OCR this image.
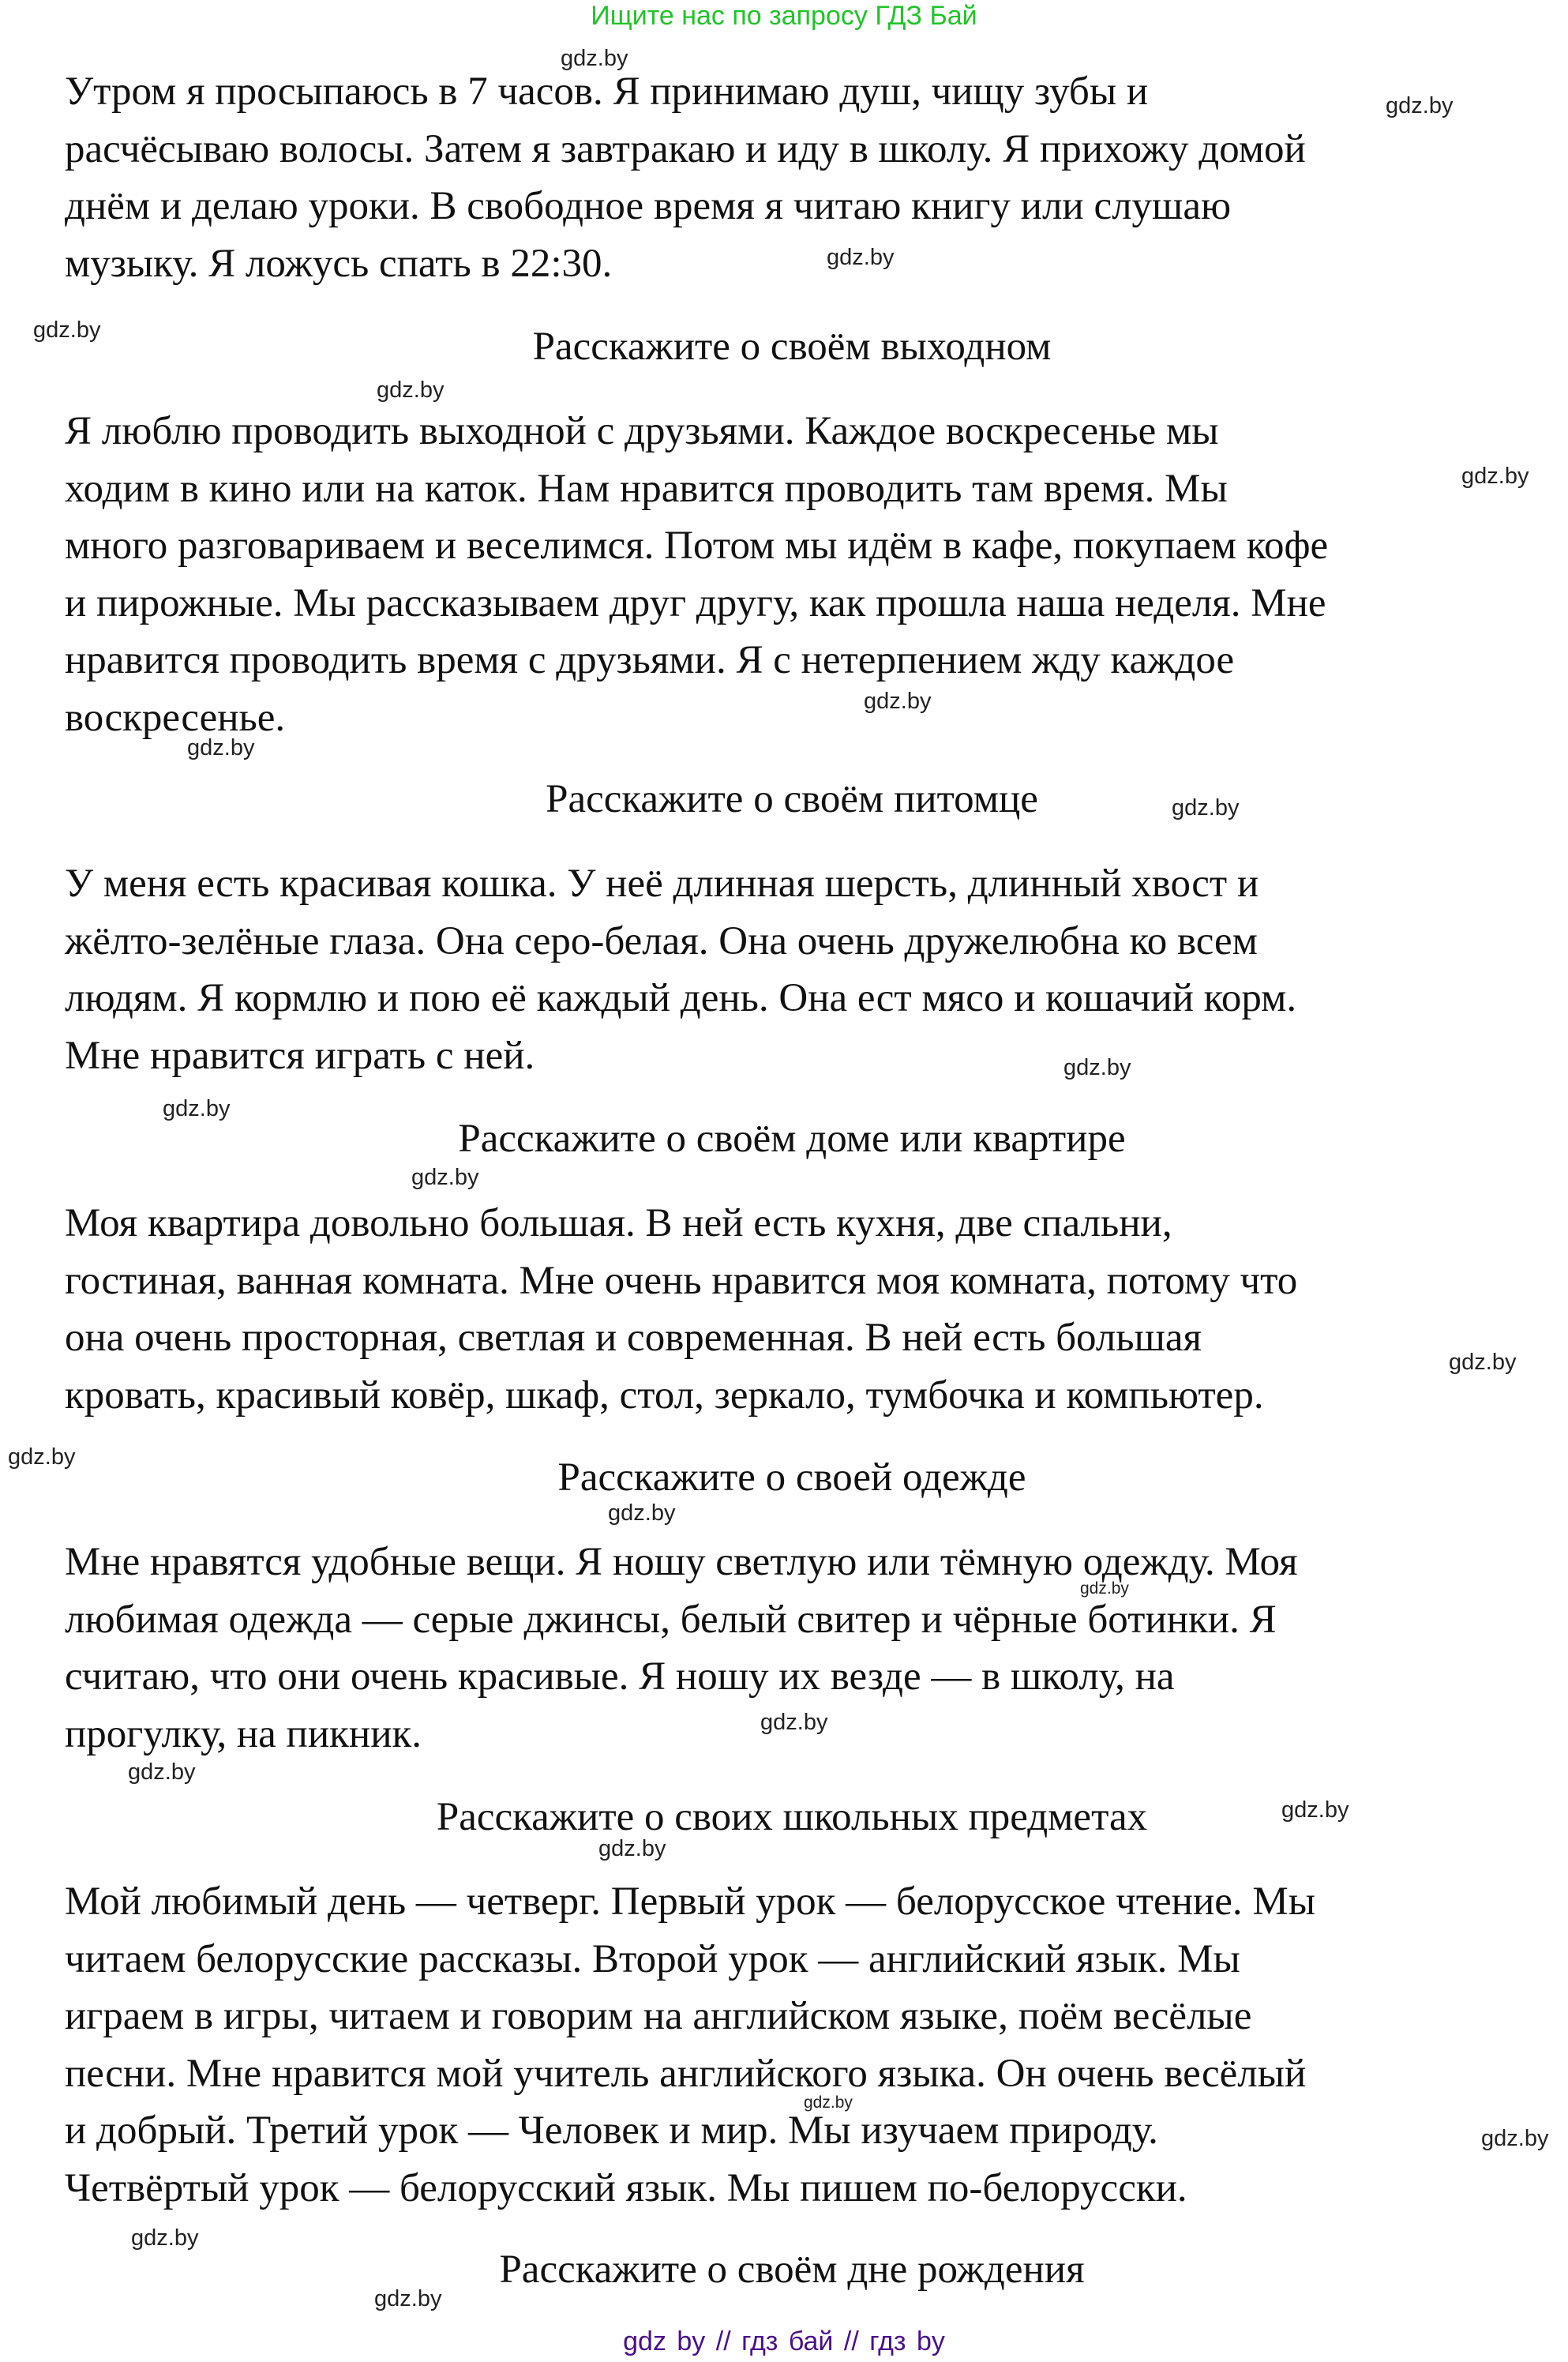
Ищите нас по запросу ГДЗ Бай
Утром я просыпаюсь в 7 часов. Я принимаю душ, чищу зубы и
расчёсываю волосы. Затем я завтракаю и иду в школу. Я прихожу домой
днём и делаю уроки. В свободное время я читаю книгу или слушаю
музыку. Я ложусь спать в 22:30.
Расскажите о своём выходном
Я люблю проводить выходной с друзьями. Каждое воскресенье мы
ходим в кино или на каток. Нам нравится проводить там время. Мы
много разговариваем и веселимся. Потом мы идём в кафе, покупаем кофе
и пирожные. Мы рассказываем друг другу, как прошла наша неделя. Мне
нравится проводить время с друзьями. Я с нетерпением жду каждое
воскресенье.
Расскажите о своём питомце
У меня есть красивая кошка. У неё длинная шерсть, длинный хвост и
жёлто-зелёные глаза. Она серо-белая. Она очень дружелюбна ко всем
людям. Я кормлю и пою её каждый день. Она ест мясо и кошачий корм.
Мне нравится играть с ней.
Расскажите о своём доме или квартире
Моя квартира довольно большая. В ней есть кухня, две спальни,
гостиная, ванная комната. Мне очень нравится моя комната, потому что
она очень просторная, светлая и современная. В ней есть большая
кровать, красивый ковёр, шкаф, стол, зеркало, тумбочка и компьютер.
Расскажите о своей одежде
Мне нравятся удобные вещи. Я ношу светлую или тёмную одежду. Моя
любимая одежда — серые джинсы, белый свитер и чёрные ботинки. Я
считаю, что они очень красивые. Я ношу их везде — в школу, на
прогулку, на пикник.
Расскажите о своих школьных предметах
Мой любимый день — четверг. Первый урок — белорусское чтение. Мы
читаем белорусские рассказы. Второй урок — английский язык. Мы
играем в игры, читаем и говорим на английском языке, поём весёлые
песни. Мне нравится мой учитель английского языка. Он очень весёлый
и добрый. Третий урок — Человек и мир. Мы изучаем природу.
Четвёртый урок — белорусский язык. Мы пишем по-белорусски.
Расскажите о своём дне рождения
gdz.by
gdz.by
gdz.by
gdz.by
gdz.by
gdz.by
gdz.by
gdz.by
gdz.by
gdz.by
gdz.by
gdz.by
gdz.by
gdz.by
gdz.by
gdz.by
gdz.by
gdz.by
gdz.by
gdz.by
gdz.by
gdz.by
gdz.by
gdz.by
gdz by // гдз бай // гдз by
